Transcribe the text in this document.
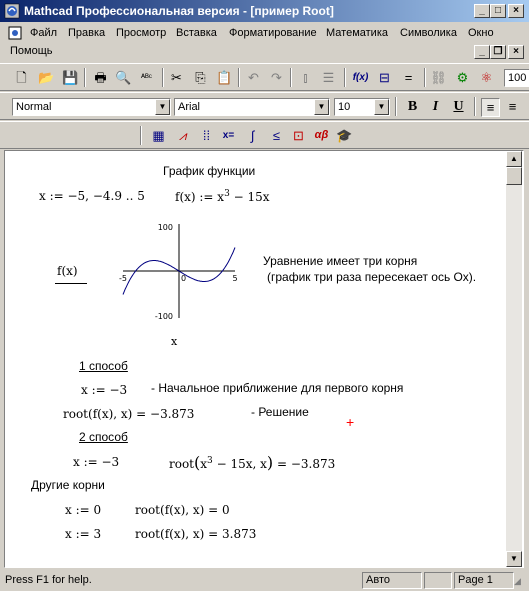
Mathcad Профессиональная версия - [пример Root]	_	□	×
Файл Правка Просмотр Вставка Форматирование Математика Символика Окно
Помощь	_ ❐	×
🗋 📂 💾 🖶 🔍	ᴬᴮᶜ ✂ ⎘ 📋 ↶ ↷	⫾	☰ f(x) ⊟	=	⛓ ⚙ ⚛	100
Normal	▼	Arial	▼	10	▼ B	I	U	≡	≡
▦	⩘	⁞⁞	x=	∫	≤ ⊡ αβ 🎓
График функции
x := −5, −4.9 .. 5	f(x) := $x^3 - 15x$
f(x)
x
100
-100
-5	0	5
Уравнение имеет три корня
(график три раза пересекает ось Ох).
1 способ
x := −3 - Начальное приближение для первого корня
root(f(x), x) = −3.873	- Решение
+
2 способ
x := −3	$root(x^3 - 15x$, x) = −3.873
Другие корни
x := 0	root(f(x), x) = 0
x := 3	root(f(x), x) = 3.873
▲
▼
Press F1 for help.	Авто	Page 1	◢
